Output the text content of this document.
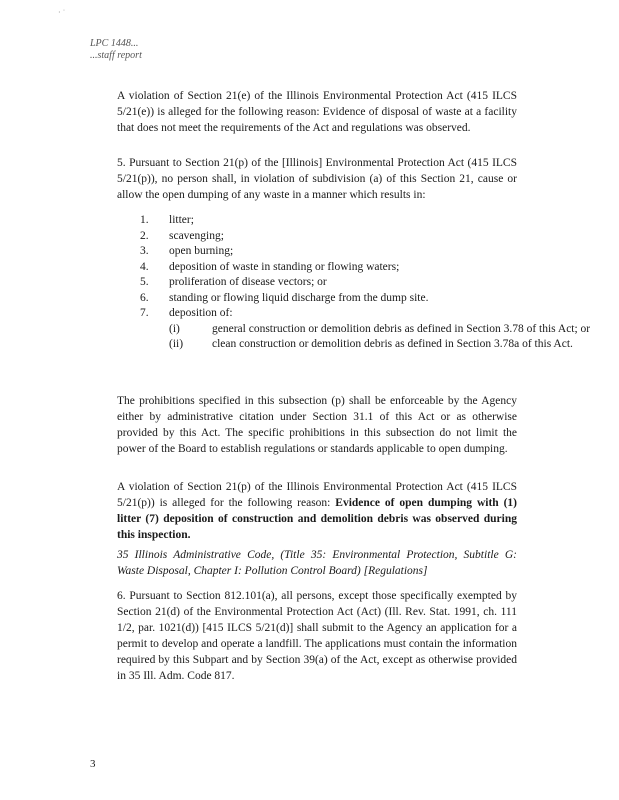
· ˙
LPC 1448...
...staff report

A violation of Section 21(e) of the Illinois Environmental Protection Act (415 ILCS 5/21(e)) is alleged for the following reason: Evidence of disposal of waste at a facility that does not meet the requirements of the Act and regulations was observed.

5. Pursuant to Section 21(p) of the [Illinois] Environmental Protection Act (415 ILCS 5/21(p)), no person shall, in violation of subdivision (a) of this Section 21, cause or allow the open dumping of any waste in a manner which results in:

1. litter;
2. scavenging;
3. open burning;
4. deposition of waste in standing or flowing waters;
5. proliferation of disease vectors; or
6. standing or flowing liquid discharge from the dump site.
7. deposition of:
(i)	general construction or demolition debris as defined in Section 3.78 of this Act; or
(ii)	clean construction or demolition debris as defined in Section 3.78a of this Act.

The prohibitions specified in this subsection (p) shall be enforceable by the Agency either by administrative citation under Section 31.1 of this Act or as otherwise provided by this Act. The specific prohibitions in this subsection do not limit the power of the Board to establish regulations or standards applicable to open dumping.

A violation of Section 21(p) of the Illinois Environmental Protection Act (415 ILCS 5/21(p)) is alleged for the following reason: Evidence of open dumping with (1) litter (7) deposition of construction and demolition debris was observed during this inspection.

35 Illinois Administrative Code, (Title 35: Environmental Protection, Subtitle G: Waste Disposal, Chapter I: Pollution Control Board) [Regulations]

6. Pursuant to Section 812.101(a), all persons, except those specifically exempted by Section 21(d) of the Environmental Protection Act (Act) (Ill. Rev. Stat. 1991, ch. 111 1/2, par. 1021(d)) [415 ILCS 5/21(d)] shall submit to the Agency an application for a permit to develop and operate a landfill. The applications must contain the information required by this Subpart and by Section 39(a) of the Act, except as otherwise provided in 35 Ill. Adm. Code 817.

3
